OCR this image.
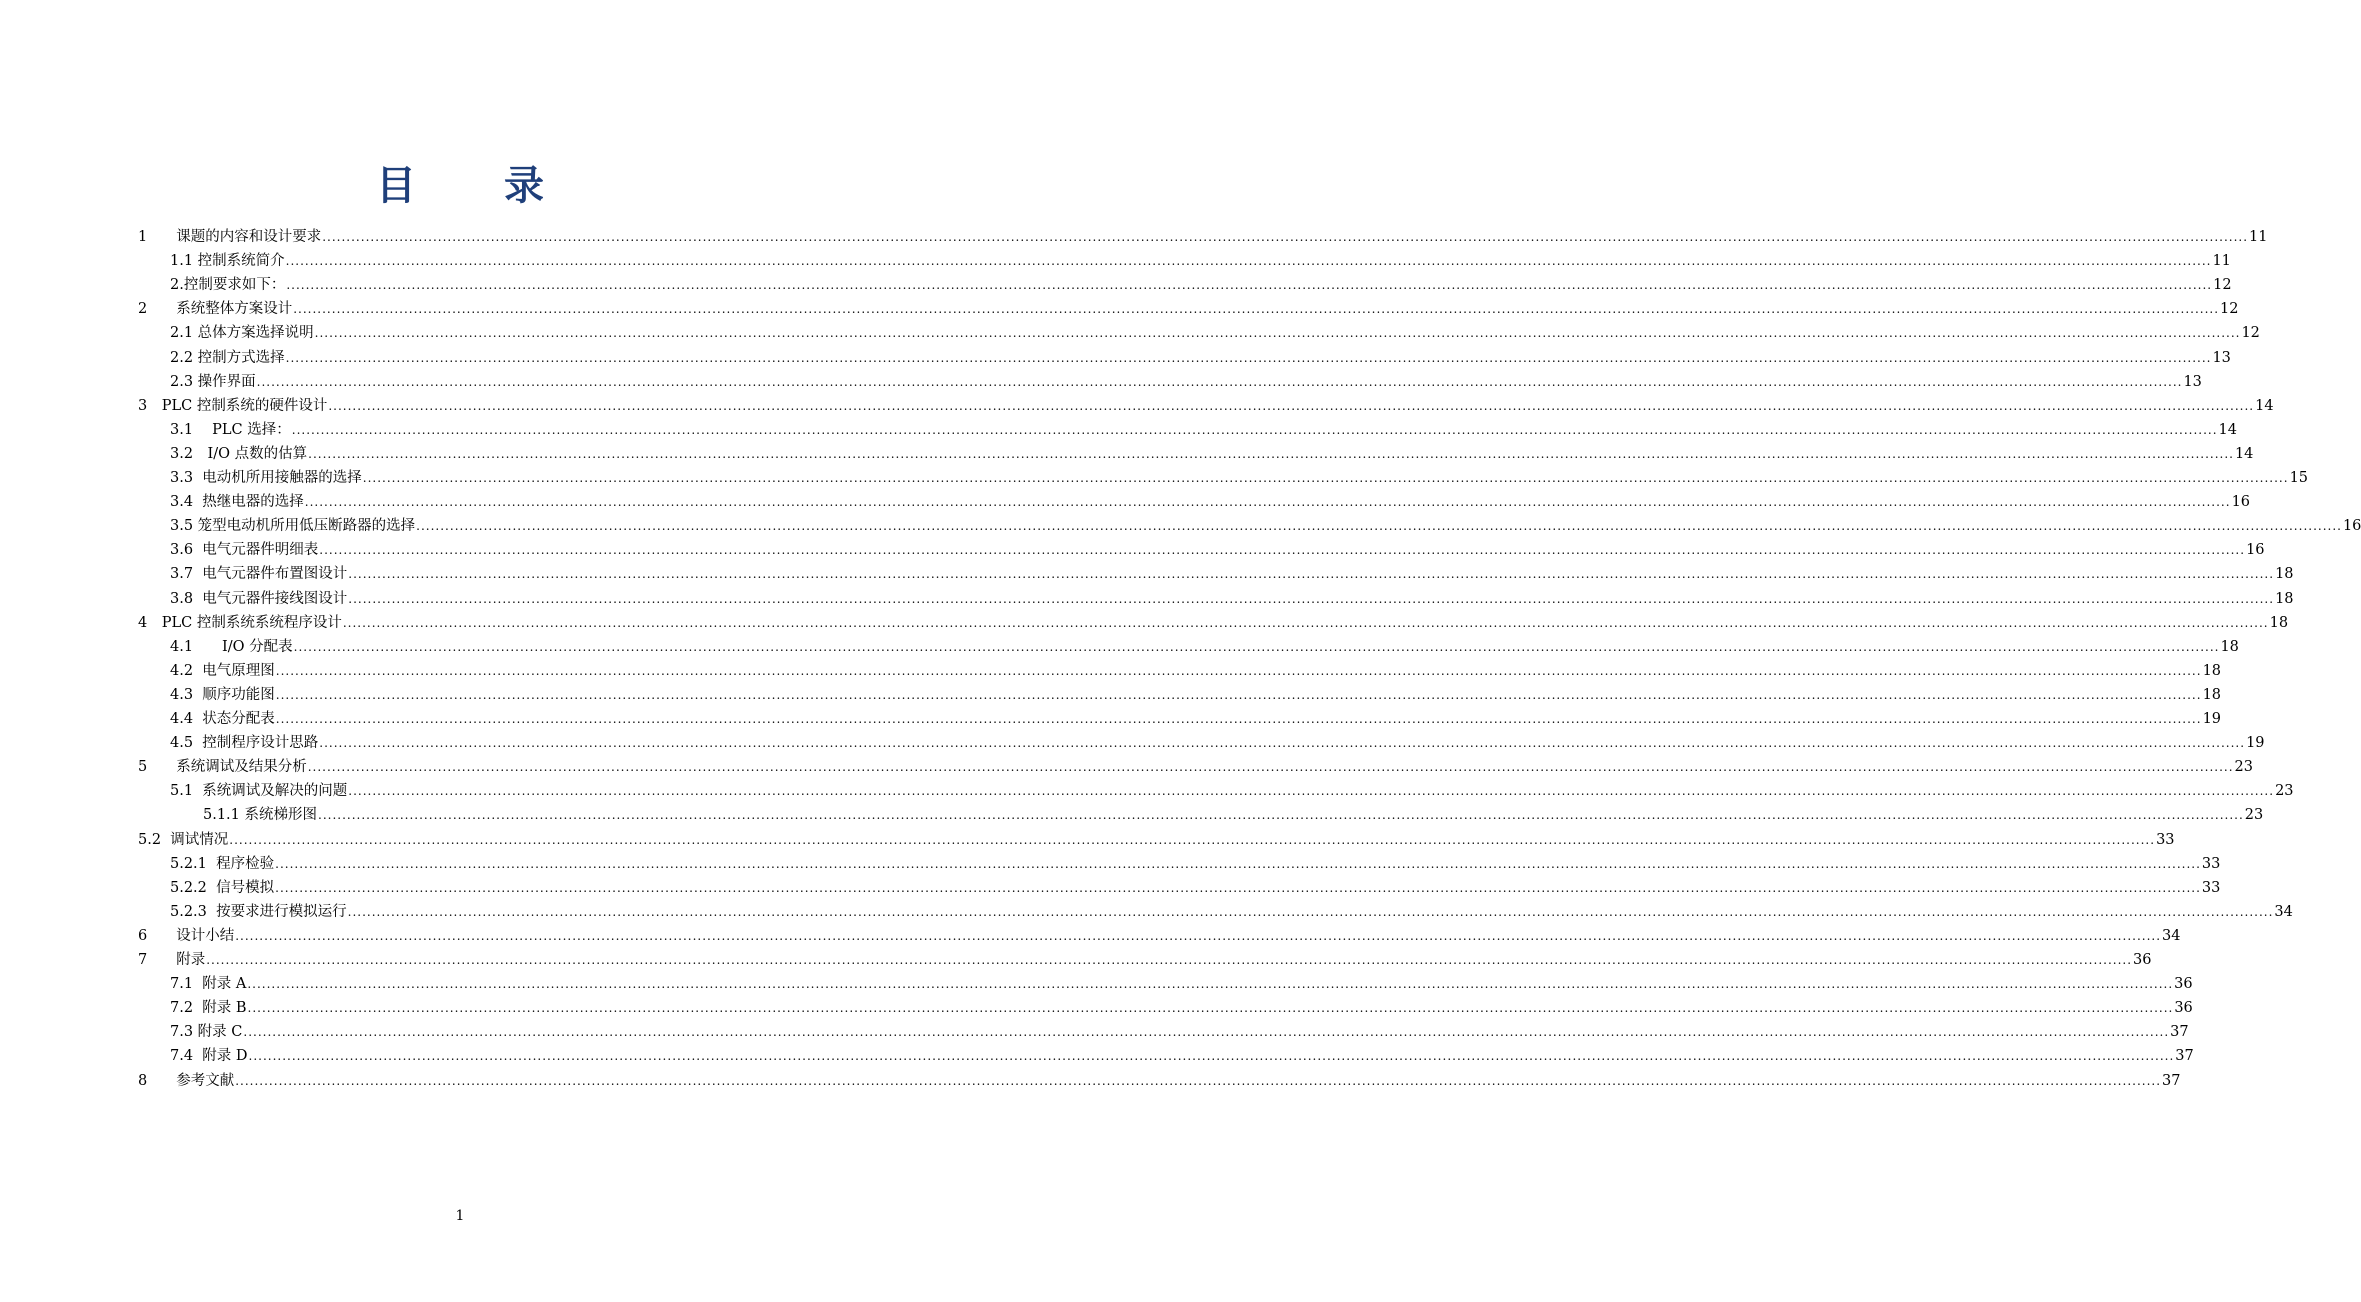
目 录
1　　课题的内容和设计要求 ................................................................................................................................................................................................................................................................................................................................................................................................................ 11
1.1 控制系统简介 ................................................................................................................................................................................................................................................................................................................................................................................................................ 11
2.控制要求如下： ................................................................................................................................................................................................................................................................................................................................................................................................................ 12
2　　系统整体方案设计 ................................................................................................................................................................................................................................................................................................................................................................................................................ 12
2.1 总体方案选择说明 ................................................................................................................................................................................................................................................................................................................................................................................................................ 12
2.2 控制方式选择 ................................................................................................................................................................................................................................................................................................................................................................................................................ 13
2.3 操作界面 ................................................................................................................................................................................................................................................................................................................................................................................................................ 13
3　PLC 控制系统的硬件设计 ................................................................................................................................................................................................................................................................................................................................................................................................................ 14
3.1　 PLC 选择： ................................................................................................................................................................................................................................................................................................................................................................................................................ 14
3.2　I/O 点数的估算 ................................................................................................................................................................................................................................................................................................................................................................................................................ 14
3.3  电动机所用接触器的选择 ................................................................................................................................................................................................................................................................................................................................................................................................................ 15
3.4  热继电器的选择 ................................................................................................................................................................................................................................................................................................................................................................................................................ 16
3.5 笼型电动机所用低压断路器的选择 ................................................................................................................................................................................................................................................................................................................................................................................................................ 16
3.6  电气元器件明细表 ................................................................................................................................................................................................................................................................................................................................................................................................................ 16
3.7  电气元器件布置图设计 ................................................................................................................................................................................................................................................................................................................................................................................................................ 18
3.8  电气元器件接线图设计 ................................................................................................................................................................................................................................................................................................................................................................................................................ 18
4　PLC 控制系统系统程序设计 ................................................................................................................................................................................................................................................................................................................................................................................................................ 18
4.1　　I/O 分配表 ................................................................................................................................................................................................................................................................................................................................................................................................................ 18
4.2  电气原理图 ................................................................................................................................................................................................................................................................................................................................................................................................................ 18
4.3  顺序功能图 ................................................................................................................................................................................................................................................................................................................................................................................................................ 18
4.4  状态分配表 ................................................................................................................................................................................................................................................................................................................................................................................................................ 19
4.5  控制程序设计思路 ................................................................................................................................................................................................................................................................................................................................................................................................................ 19
5　　系统调试及结果分析 ................................................................................................................................................................................................................................................................................................................................................................................................................ 23
5.1  系统调试及解决的问题 ................................................................................................................................................................................................................................................................................................................................................................................................................ 23
5.1.1 系统梯形图 ................................................................................................................................................................................................................................................................................................................................................................................................................ 23
5.2  调试情况 ................................................................................................................................................................................................................................................................................................................................................................................................................ 33
5.2.1  程序检验 ................................................................................................................................................................................................................................................................................................................................................................................................................ 33
5.2.2  信号模拟 ................................................................................................................................................................................................................................................................................................................................................................................................................ 33
5.2.3  按要求进行模拟运行 ................................................................................................................................................................................................................................................................................................................................................................................................................ 34
6　　设计小结 ................................................................................................................................................................................................................................................................................................................................................................................................................ 34
7　　附录 ................................................................................................................................................................................................................................................................................................................................................................................................................ 36
7.1  附录 A ................................................................................................................................................................................................................................................................................................................................................................................................................ 36
7.2  附录 B ................................................................................................................................................................................................................................................................................................................................................................................................................ 36
7.3 附录 C ................................................................................................................................................................................................................................................................................................................................................................................................................ 37
7.4  附录 D ................................................................................................................................................................................................................................................................................................................................................................................................................ 37
8　　参考文献 ................................................................................................................................................................................................................................................................................................................................................................................................................ 37
1
